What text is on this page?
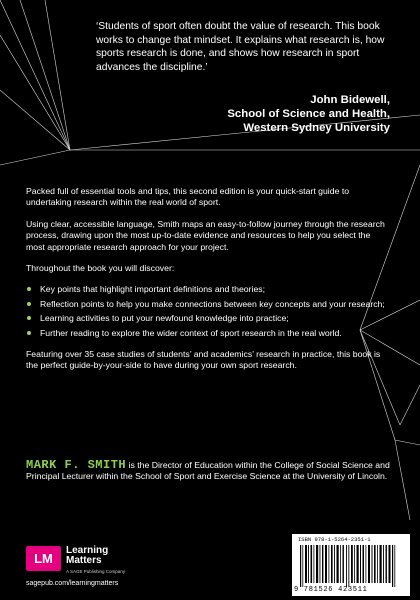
‘Students of sport often doubt the value of research. This book works to change that mindset. It explains what research is, how sports research is done, and shows how research in sport advances the discipline.’
John Bidewell,
School of Science and Health,
Western Sydney University

Packed full of essential tools and tips, this second edition is your quick-start guide to undertaking research within the real world of sport.

Using clear, accessible language, Smith maps an easy-to-follow journey through the research process, drawing upon the most up-to-date evidence and resources to help you select the most appropriate research approach for your project.

Throughout the book you will discover:

Key points that highlight important definitions and theories;
Reflection points to help you make connections between key concepts and your research;
Learning activities to put your newfound knowledge into practice;
Further reading to explore the wider context of sport research in the real world.

Featuring over 35 case studies of students’ and academics’ research in practice, this book is the perfect guide-by-your-side to have during your own sport research.

MARK F. SMITH is the Director of Education within the College of Social Science and Principal Lecturer within the School of Sport and Exercise Science at the University of Lincoln.
LM
Learning
Matters
A SAGE Publishing Company
sagepub.com/learningmatters
ISBN 978-1-5264-2351-1
9 781526 423511
